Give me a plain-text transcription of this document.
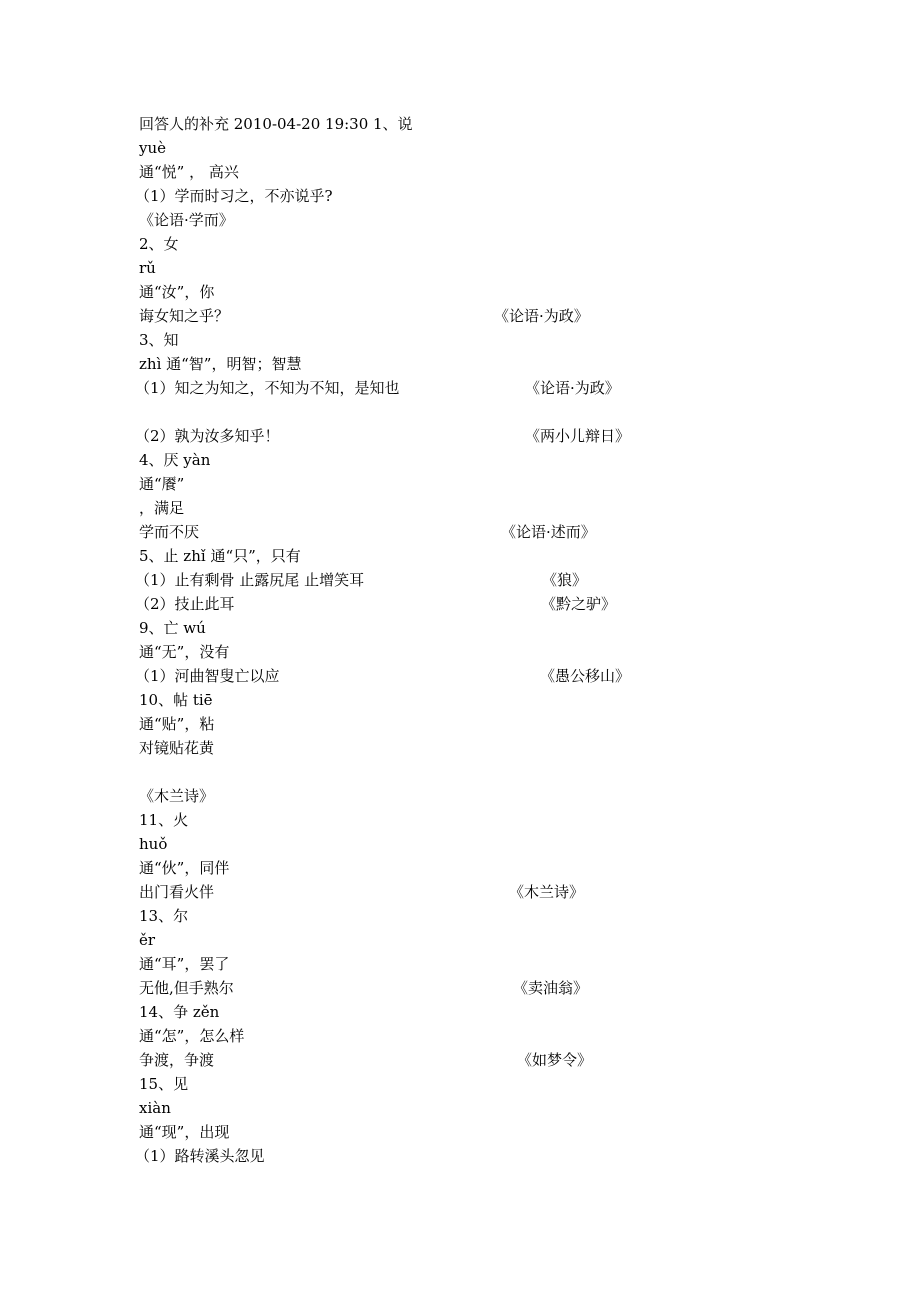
回答人的补充 2010-04-20 19:30 1、说
yuè
通“悦” ， 高兴
（1）学而时习之，不亦说乎?
《论语·学而》
2、女
rǔ
通“汝”，你
诲女知之乎？	《论语·为政》
3、知
zhì 通“智”，明智；智慧
（1）知之为知之，不知为不知，是知也	《论语·为政》
（2）孰为汝多知乎！	《两小儿辩日》
4、厌 yàn
通“餍”
，满足
学而不厌	《论语·述而》
5、止 zhǐ 通“只”，只有
（1）止有剩骨 止露尻尾 止增笑耳	《狼》
（2）技止此耳	《黔之驴》
9、亡 wú
通“无”，没有
（1）河曲智叟亡以应	《愚公移山》
10、帖 tiē
通“贴”，粘
对镜贴花黄
《木兰诗》
11、火
huǒ
通“伙”，同伴
出门看火伴	《木兰诗》
13、尔
ěr
通“耳”，罢了
无他,但手熟尔	《卖油翁》
14、争 zěn
通“怎”，怎么样
争渡，争渡	《如梦令》
15、见
xiàn
通“现”，出现
（1）路转溪头忽见
